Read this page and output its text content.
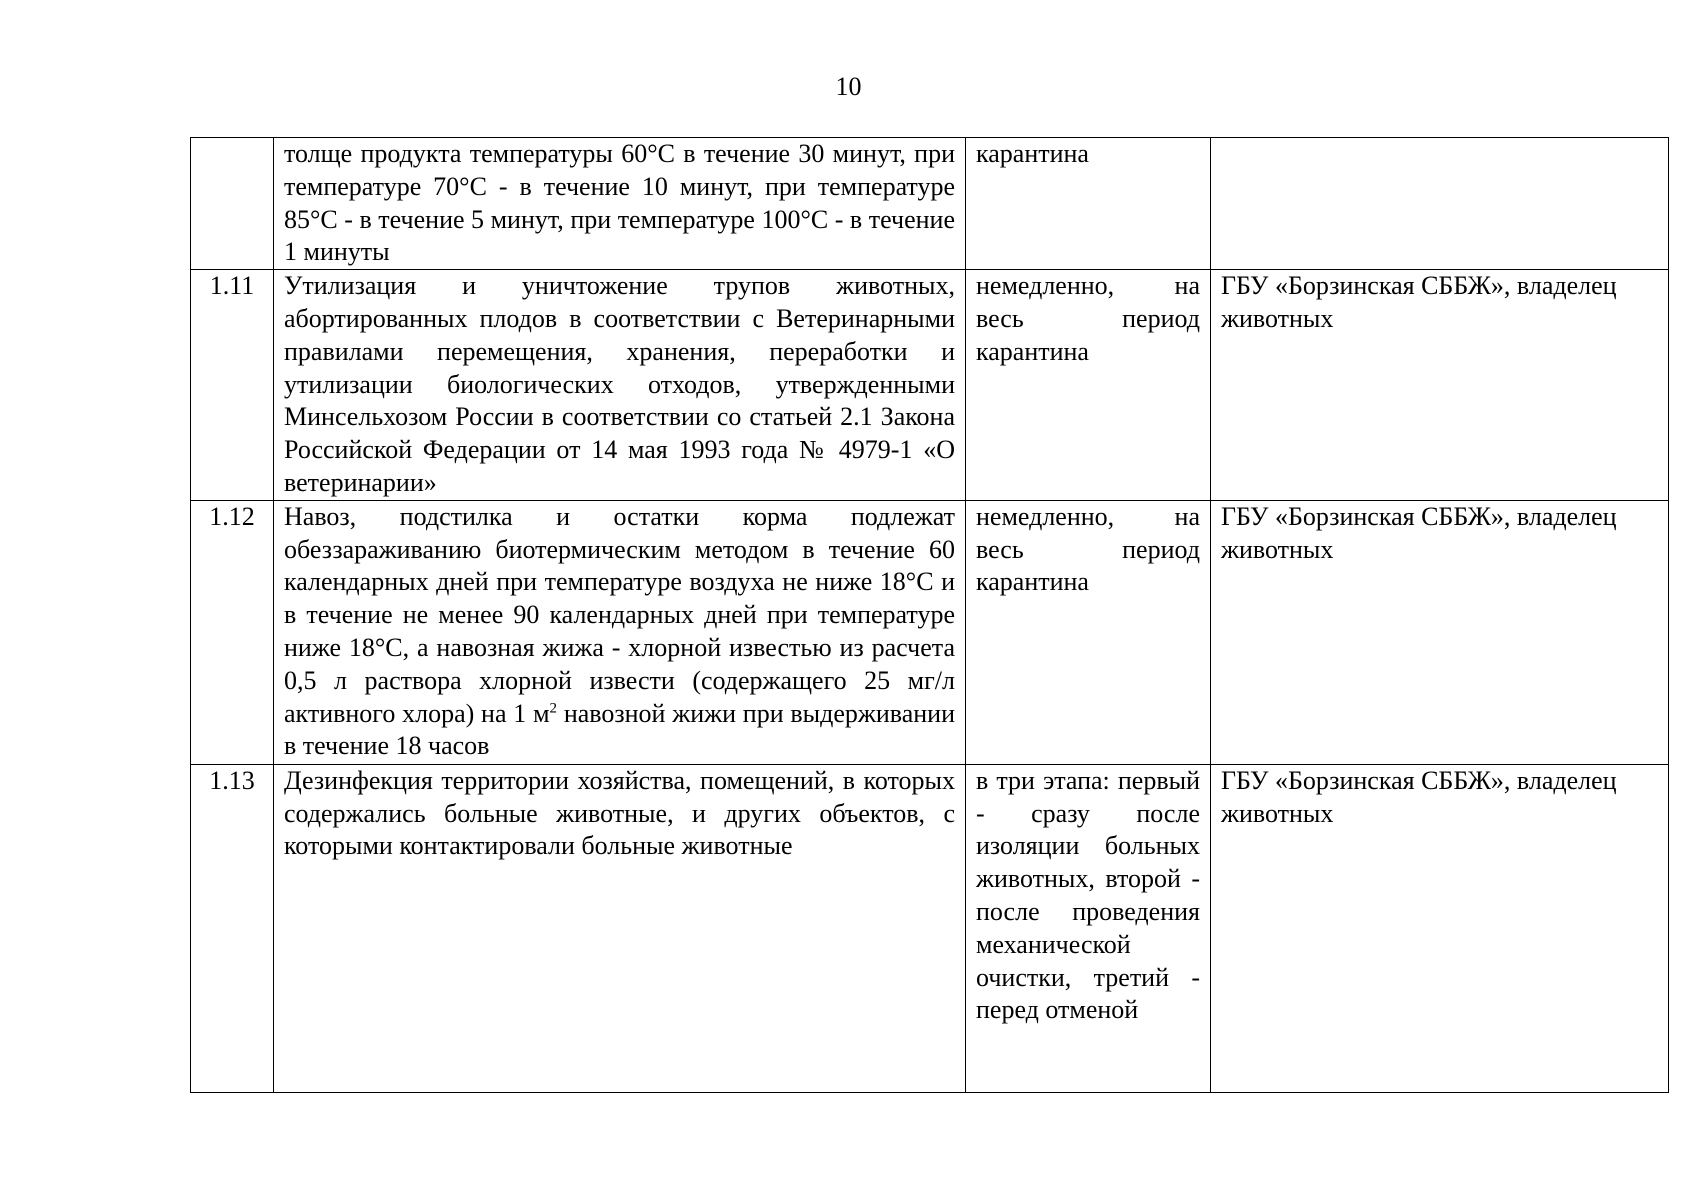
10
	толще продукта температуры 60°С в течение 30 минут, при температуре 70°С - в течение 10 минут, при температуре 85°С - в течение 5 минут, при температуре 100°С - в течение 1 минуты	карантина	
1.11	Утилизация и уничтожение трупов животных, абортированных плодов в соответствии с Ветеринарными правилами перемещения, хранения, переработки и утилизации биологических отходов, утвержденными Минсельхозом России в соответствии со статьей 2.1 Закона Российской Федерации от 14 мая 1993 года № 4979-1 «О ветеринарии»	немедленно, на весь период карантина	ГБУ «Борзинская СББЖ», владелец животных
1.12	Навоз, подстилка и остатки корма подлежат обеззараживанию биотермическим методом в течение 60 календарных дней при температуре воздуха не ниже 18°С и в течение не менее 90 календарных дней при температуре ниже 18°С, а навозная жижа - хлорной известью из расчета 0,5 л раствора хлорной извести (содержащего 25 мг/л активного хлора) на 1 $м^2$ навозной жижи при выдерживании в течение 18 часов	немедленно, на весь период карантина	ГБУ «Борзинская СББЖ», владелец животных
1.13	Дезинфекция территории хозяйства, помещений, в которых содержались больные животные, и других объектов, с которыми контактировали больные животные	в три этапа: первый - сразу после изоляции больных животных, второй - после проведения механической очистки, третий - перед отменой	ГБУ «Борзинская СББЖ», владелец животных
